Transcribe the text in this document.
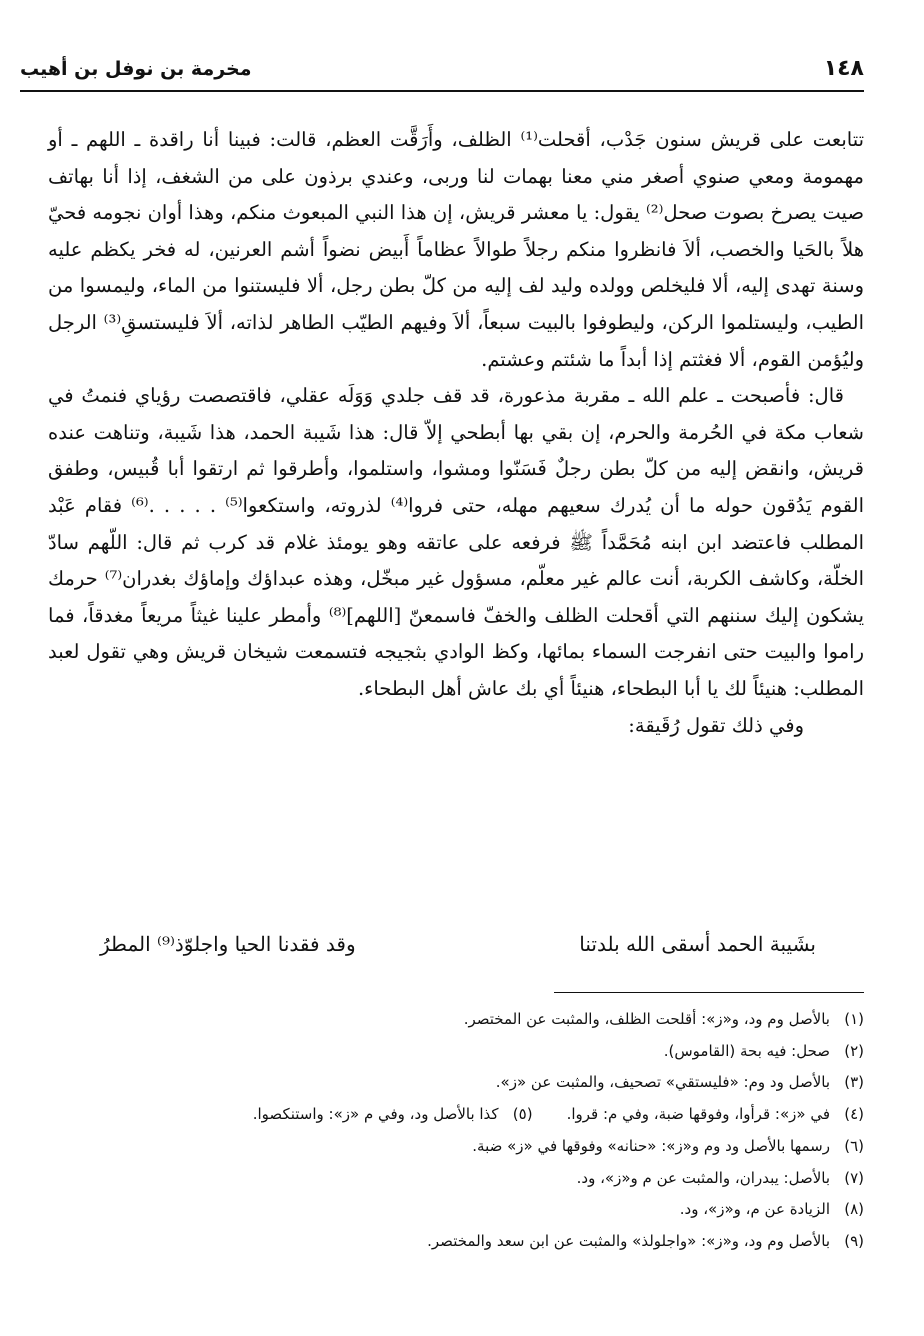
١٤٨
مخرمة بن نوفل بن أهيب

تتابعت على قريش سنون جَدْب، أقحلت⁽¹⁾ الظلف، وأَرَقَّت العظم، قالت: فبينا أنا راقدة ـ اللهم ـ أو مهمومة ومعي صنوي أصغر مني معنا بهمات لنا وربى، وعندي برذون على من الشغف، إذا أنا بهاتف صيت يصرخ بصوت صحل⁽²⁾ يقول: يا معشر قريش، إن هذا النبي المبعوث منكم، وهذا أوان نجومه فحيّ هلاً بالحَيا والخصب، ألاَ فانظروا منكم رجلاً طوالاً عظاماً أَبيض نضواً أشم العرنين، له فخر يكظم عليه وسنة تهدى إليه، ألا فليخلص وولده وليد لف إليه من كلّ بطن رجل، ألا فليستنوا من الماء، وليمسوا من الطيب، وليستلموا الركن، وليطوفوا بالبيت سبعاً، ألاَ وفيهم الطيّب الطاهر لذاته، ألاَ فليستسقِ⁽³⁾ الرجل وليُؤمن القوم، ألا فغثتم إذا أبداً ما شئتم وعشتم.

قال: فأصبحت ـ علم الله ـ مقربة مذعورة، قد قف جلدي وَوَلَه عقلي، فاقتصصت رؤياي فنمتُ في شعاب مكة في الحُرمة والحرم، إن بقي بها أبطحي إلاّ قال: هذا شَيبة الحمد، هذا شَيبة، وتناهت عنده قريش، وانقض إليه من كلّ بطن رجلٌ فَسَنّوا ومشوا، واستلموا، وأطرقوا ثم ارتقوا أبا قُبيس، وطفق القوم يَدُقون حوله ما أن يُدرك سعيهم مهله، حتى فروا⁽⁴⁾ لذروته، واستكعوا⁽⁵⁾ . . . . .⁽⁶⁾ فقام عَبْد المطلب فاعتضد ابن ابنه مُحَمَّداً ﷺ فرفعه على عاتقه وهو يومئذ غلام قد كرب ثم قال: اللّهم سادّ الخلّة، وكاشف الكربة، أنت عالم غير معلّم، مسؤول غير مبخّل، وهذه عبداؤك وإماؤك بغدران⁽⁷⁾ حرمك يشكون إليك سننهم التي أقحلت الظلف والخفّ فاسمعنّ [اللهم]⁽⁸⁾ وأمطر علينا غيثاً مريعاً مغدقاً، فما راموا والبيت حتى انفرجت السماء بمائها، وكظ الوادي بثجيجه فتسمعت شيخان قريش وهي تقول لعبد المطلب: هنيئاً لك يا أبا البطحاء، هنيئاً أي بك عاش أهل البطحاء.

وفي ذلك تقول رُقَيقة:

بشَيبة الحمد أسقى الله بلدتنا
وقد فقدنا الحيا واجلوّذ⁽⁹⁾ المطرُ
(١)
بالأصل وم ود، و«ز»: أقلحت الظلف، والمثبت عن المختصر.
(٢)
صحل: فيه بحة (القاموس).
(٣)
بالأصل ود وم: «فليستقي» تصحيف، والمثبت عن «ز».
(٤)
في «ز»: قرأوا، وفوقها ضبة، وفي م: قروا.
(٥)
كذا بالأصل ود، وفي م «ز»: واستنكصوا.
(٦)
رسمها بالأصل ود وم و«ز»: «حنانه» وفوقها في «ز» ضبة.
(٧)
بالأصل: يبدران، والمثبت عن م و«ز»، ود.
(٨)
الزيادة عن م، و«ز»، ود.
(٩)
بالأصل وم ود، و«ز»: «واجلولذ» والمثبت عن ابن سعد والمختصر.
